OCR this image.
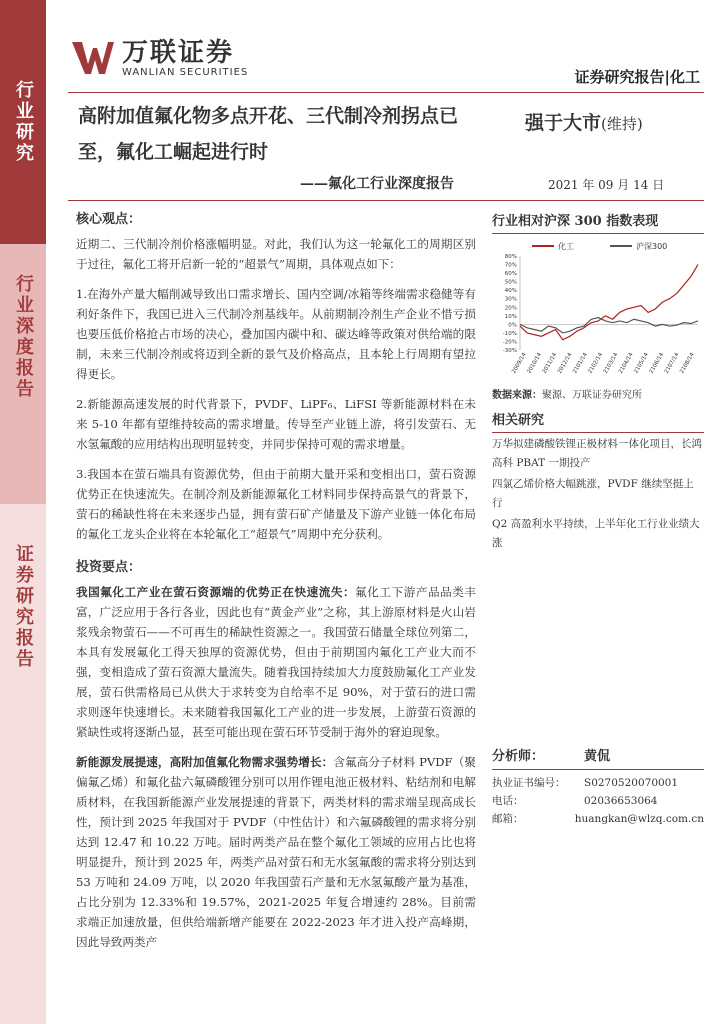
行业研究
行业深度报告
证券研究报告
万联证券
WANLIAN SECURITIES	证券研究报告|化工
高附加值氟化物多点开花、三代制冷剂拐点已至，氟化工崛起进行时
——氟化工行业深度报告
强于大市(维持)
2021 年 09 月 14 日
核心观点：

近期二、三代制冷剂价格涨幅明显。对此，我们认为这一轮氟化工的周期区别于过往，氟化工将开启新一轮的“超景气”周期，具体观点如下：

1.在海外产量大幅削减导致出口需求增长、国内空调/冰箱等终端需求稳健等有利好条件下，我国已进入三代制冷剂基线年。从前期制冷剂生产企业不惜亏损也要压低价格抢占市场的决心，叠加国内碳中和、碳达峰等政策对供给端的限制，未来三代制冷剂或将迈到全新的景气及价格高点，且本轮上行周期有望拉得更长。

2.新能源高速发展的时代背景下，PVDF、LiPF₆、LiFSI 等新能源材料在未来 5-10 年都有望维持较高的需求增量。传导至产业链上游，将引发萤石、无水氢氟酸的应用结构出现明显转变，并同步保持可观的需求增量。

3.我国本在萤石端具有资源优势，但由于前期大量开采和变相出口，萤石资源优势正在快速流失。在制冷剂及新能源氟化工材料同步保持高景气的背景下，萤石的稀缺性将在未来逐步凸显，拥有萤石矿产储量及下游产业链一体化布局的氟化工龙头企业将在本轮氟化工“超景气”周期中充分获利。

投资要点：

我国氟化工产业在萤石资源端的优势正在快速流失：氟化工下游产品品类丰富，广泛应用于各行各业，因此也有“黄金产业”之称，其上游原材料是火山岩浆残余物萤石——不可再生的稀缺性资源之一。我国萤石储量全球位列第二，本具有发展氟化工得天独厚的资源优势，但由于前期国内氟化工产业大而不强，变相造成了萤石资源大量流失。随着我国持续加大力度鼓励氟化工产业发展，萤石供需格局已从供大于求转变为自给率不足 90%，对于萤石的进口需求则逐年快速增长。未来随着我国氟化工产业的进一步发展，上游萤石资源的紧缺性或将逐渐凸显，甚至可能出现在萤石环节受制于海外的窘迫现象。

新能源发展提速，高附加值氟化物需求强势增长：含氟高分子材料 PVDF（聚偏氟乙烯）和氟化盐六氟磷酸锂分别可以用作锂电池正极材料、粘结剂和电解质材料，在我国新能源产业发展提速的背景下，两类材料的需求端呈现高成长性，预计到 2025 年我国对于 PVDF（中性估计）和六氟磷酸锂的需求将分别达到 12.47 和 10.22 万吨。届时两类产品在整个氟化工领域的应用占比也将明显提升，预计到 2025 年，两类产品对萤石和无水氢氟酸的需求将分别达到 53 万吨和 24.09 万吨，以 2020 年我国萤石产量和无水氢氟酸产量为基准，占比分别为 12.33%和 19.57%，2021-2025 年复合增速约 28%。目前需求端正加速放量，但供给端新增产能要在 2022-2023 年才进入投产高峰期，因此导致两类产

行业相对沪深 300 指数表现
化工	沪深300
80%
70%
60%
50%
40%
30%
20%
10%
0%
-10%
-20%
-30%
2009/14
2010/14
2011/14
2012/14
2101/14
2102/14
2103/14
2104/14
2105/14
2106/14
2107/14
2108/14
数据来源：聚源、万联证券研究所
相关研究
万华拟建磷酸铁锂正极材料一体化项目，长鸿高科 PBAT 一期投产
四氯乙烯价格大幅跳涨，PVDF 继续坚挺上行
Q2 高盈利水平持续，上半年化工行业业绩大涨
分析师：	黄侃
执业证书编号：	S0270520070001
电话：	02036653064
邮箱：	huangkan@wlzq.com.cn
